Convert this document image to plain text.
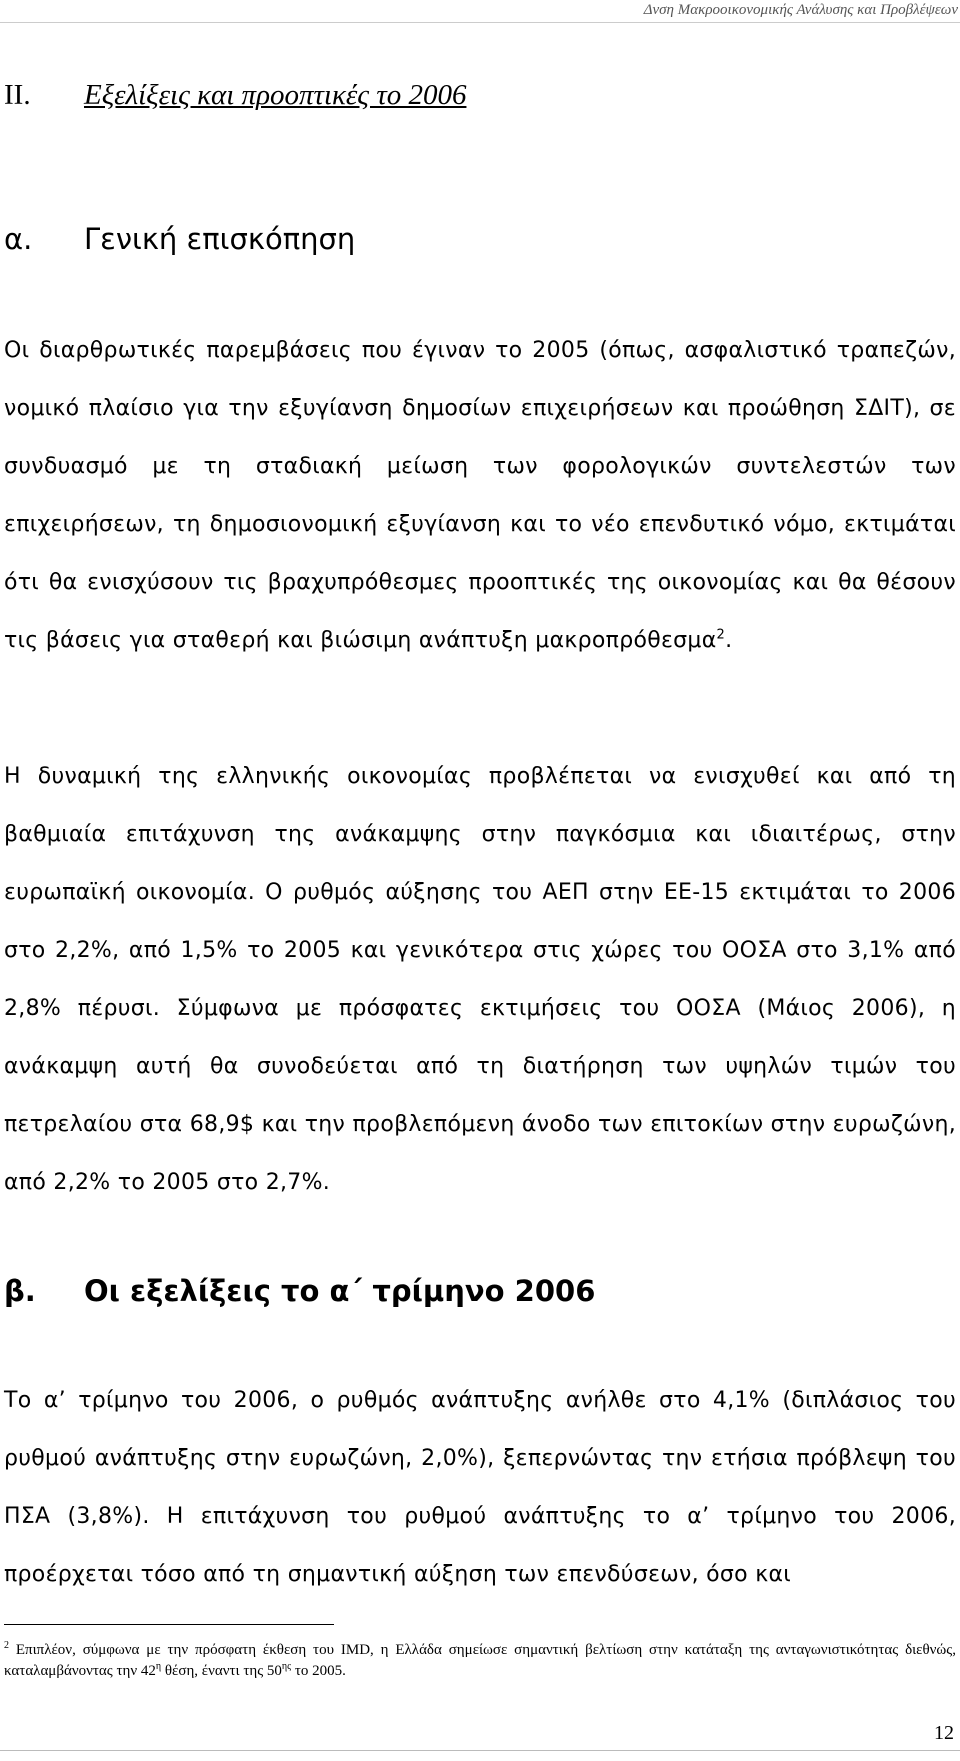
Δνση Μακροοικονομικής Ανάλυσης και Προβλέψεων
ΙΙ. Εξελίξεις και προοπτικές το 2006
α. Γενική επισκόπηση
Οι διαρθρωτικές παρεμβάσεις που έγιναν το 2005 (όπως, ασφαλιστικό τραπεζών, νομικό πλαίσιο για την εξυγίανση δημοσίων επιχειρήσεων και προώθηση ΣΔΙΤ), σε συνδυασμό με τη σταδιακή μείωση των φορολογικών συντελεστών των επιχειρήσεων, τη δημοσιονομική εξυγίανση και το νέο επενδυτικό νόμο, εκτιμάται ότι θα ενισχύσουν τις βραχυπρόθεσμες προοπτικές της οικονομίας και θα θέσουν τις βάσεις για σταθερή και βιώσιμη ανάπτυξη μακροπρόθεσμα$^2$.
Η δυναμική της ελληνικής οικονομίας προβλέπεται να ενισχυθεί και από τη βαθμιαία επιτάχυνση της ανάκαμψης στην παγκόσμια και ιδιαιτέρως, στην ευρωπαϊκή οικονομία. Ο ρυθμός αύξησης του ΑΕΠ στην ΕΕ-15 εκτιμάται το 2006 στο 2,2%, από 1,5% το 2005 και γενικότερα στις χώρες του ΟΟΣΑ στο 3,1% από 2,8% πέρυσι. Σύμφωνα με πρόσφατες εκτιμήσεις του ΟΟΣΑ (Μάιος 2006), η ανάκαμψη αυτή θα συνοδεύεται από τη διατήρηση των υψηλών τιμών του πετρελαίου στα 68,9$ και την προβλεπόμενη άνοδο των επιτοκίων στην ευρωζώνη, από 2,2% το 2005 στο 2,7%.
β. Οι εξελίξεις το α΄ τρίμηνο 2006
Το α’ τρίμηνο του 2006, ο ρυθμός ανάπτυξης ανήλθε στο 4,1% (διπλάσιος του ρυθμού ανάπτυξης στην ευρωζώνη, 2,0%), ξεπερνώντας την ετήσια πρόβλεψη του ΠΣΑ (3,8%). Η επιτάχυνση του ρυθμού ανάπτυξης το α’ τρίμηνο του 2006, προέρχεται τόσο από τη σημαντική αύξηση των επενδύσεων, όσο και
$^2$ Επιπλέον, σύμφωνα με την πρόσφατη έκθεση του IMD, η Ελλάδα σημείωσε σημαντική βελτίωση στην κατάταξη της ανταγωνιστικότητας διεθνώς, καταλαμβάνοντας την $42^\eta$ θέση, έναντι της $50^{\eta\varsigma}$ το 2005.
12
